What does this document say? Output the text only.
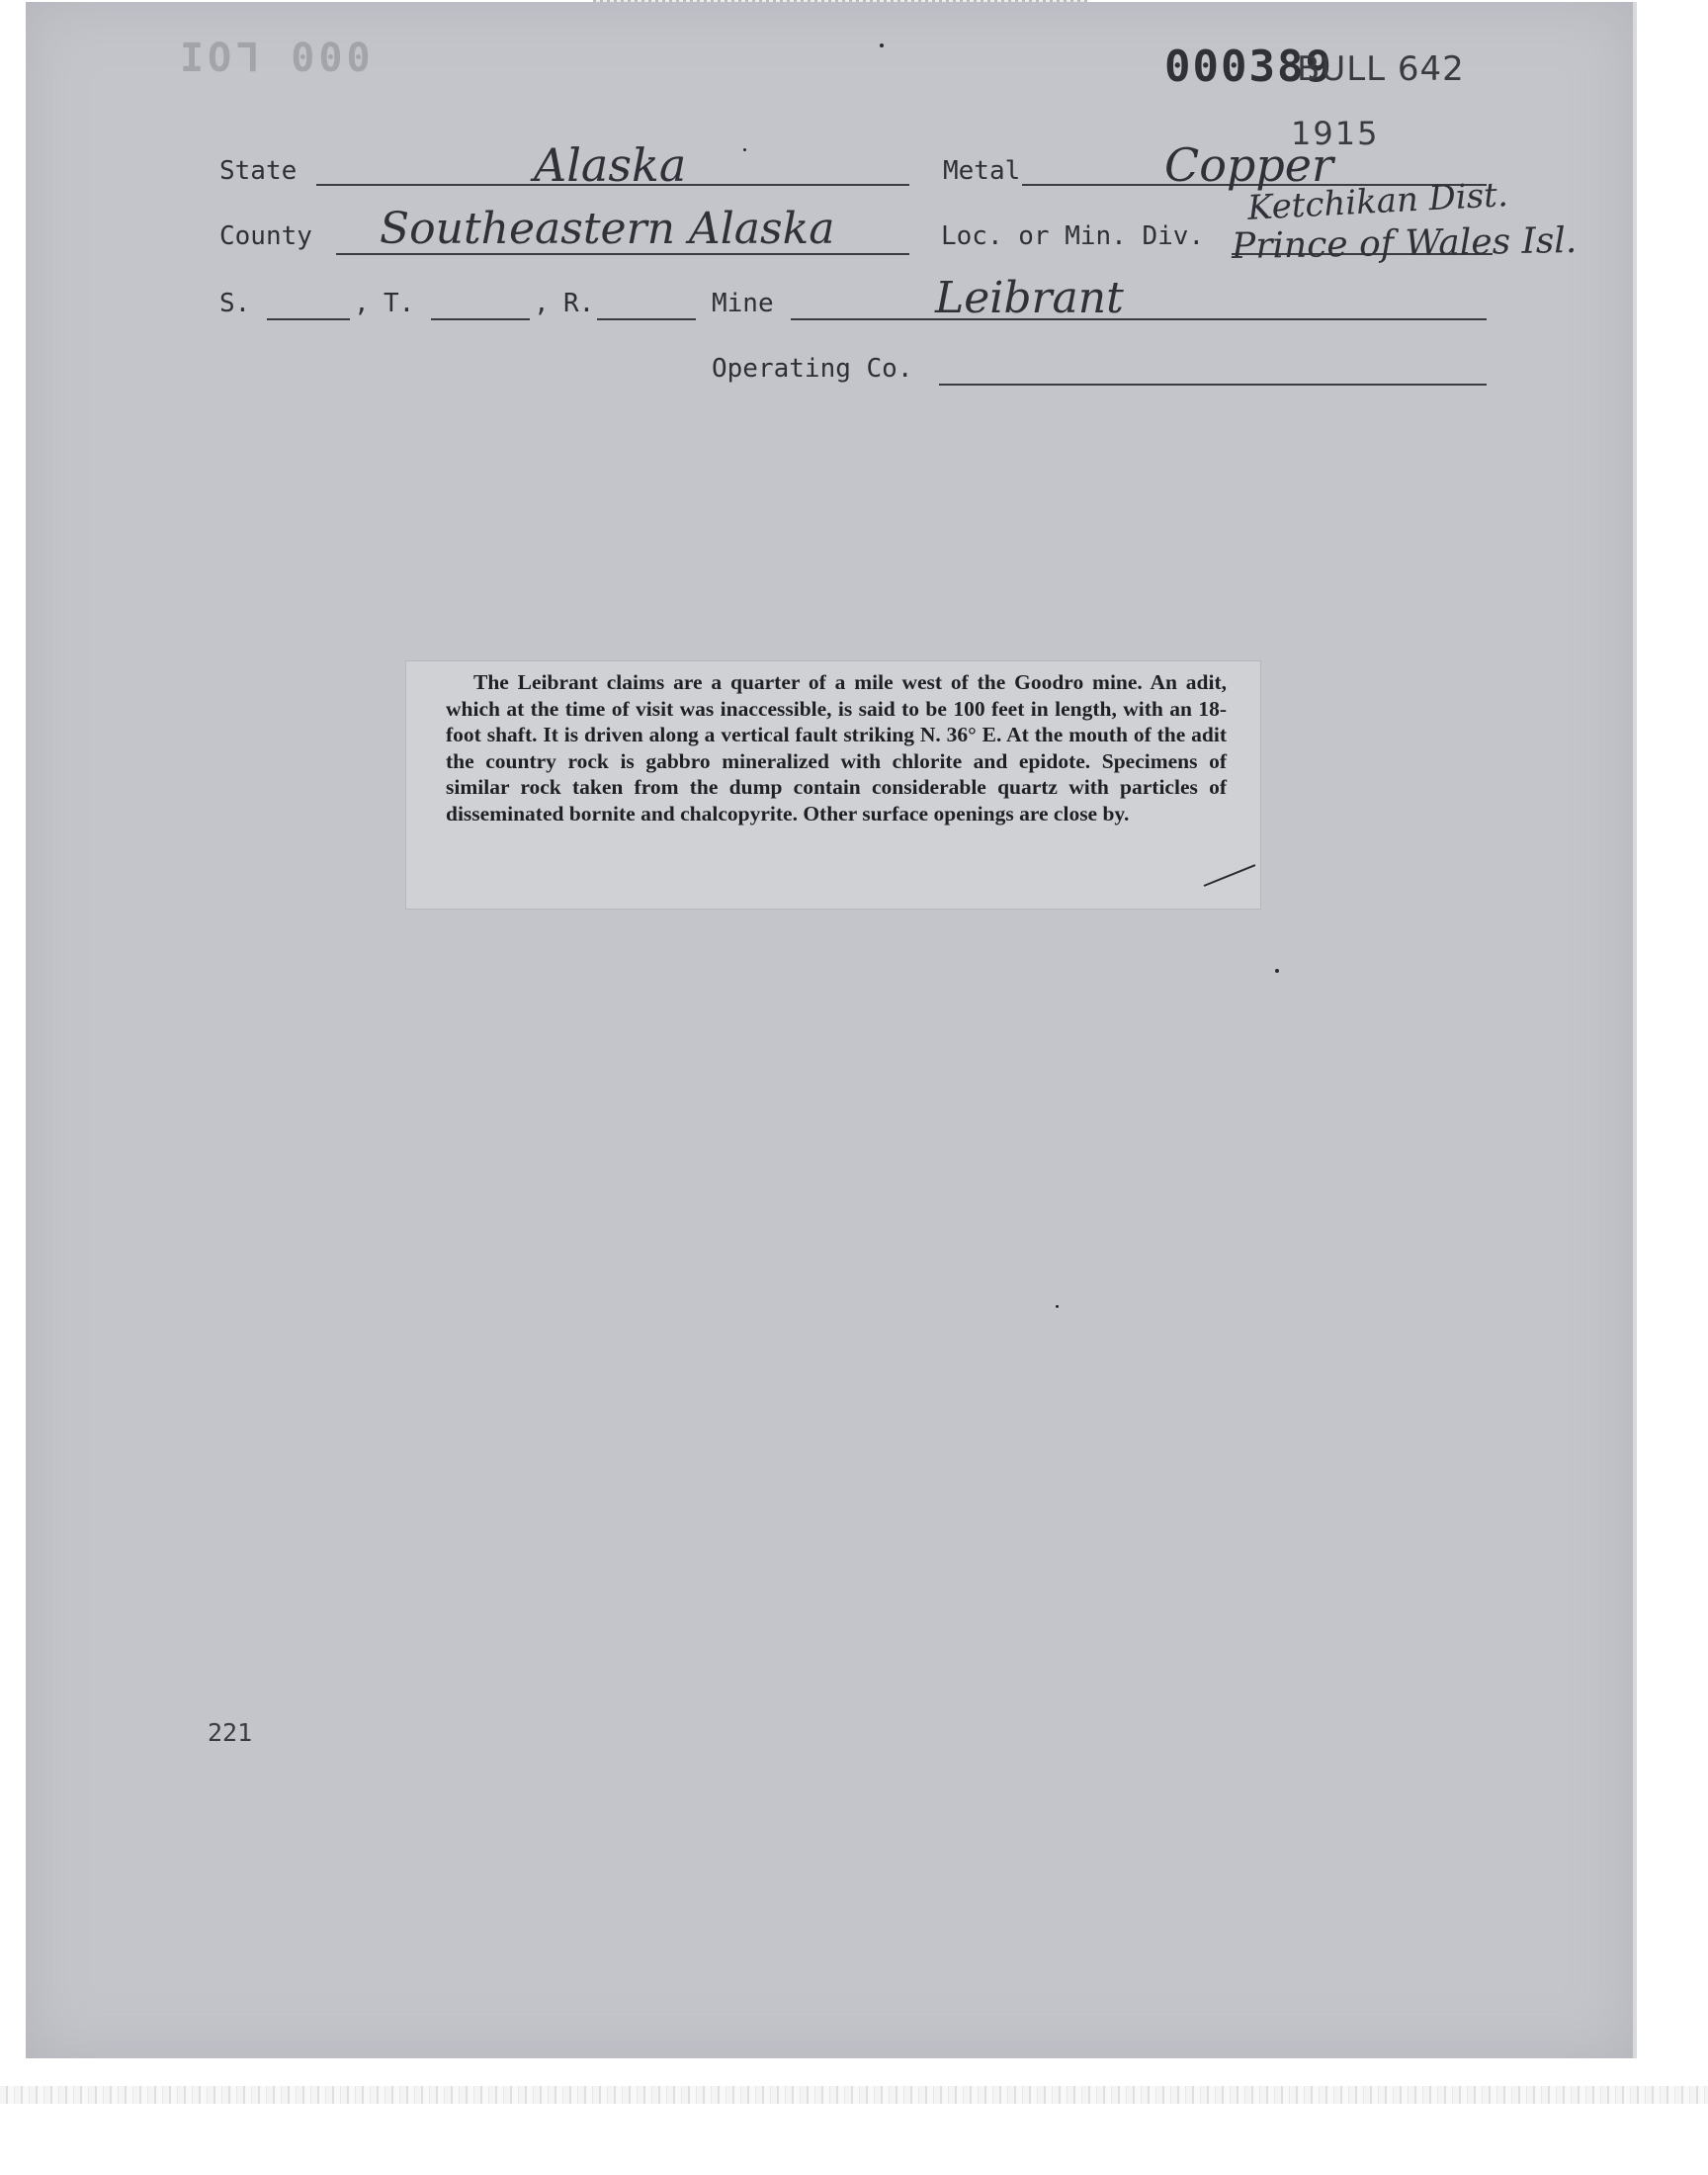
000 ΓΟΙ	000389
BULL 642
1915
State	Alaska	Metal	Copper
County Southeastern Alaska	Loc. or Min. Div.
Ketchikan Dist.
Prince of Wales Isl.
S.	, T.	, R.	Mine	Leibrant
Operating Co.
The Leibrant claims are a quarter of a mile west of the Goodro mine. An adit, which at the time of visit was inaccessible, is said to be 100 feet in length, with an 18-foot shaft. It is driven along a vertical fault striking N. 36° E. At the mouth of the adit the country rock is gabbro mineralized with chlorite and epidote. Specimens of similar rock taken from the dump contain considerable quartz with particles of disseminated bornite and chalcopyrite. Other surface openings are close by.
221
